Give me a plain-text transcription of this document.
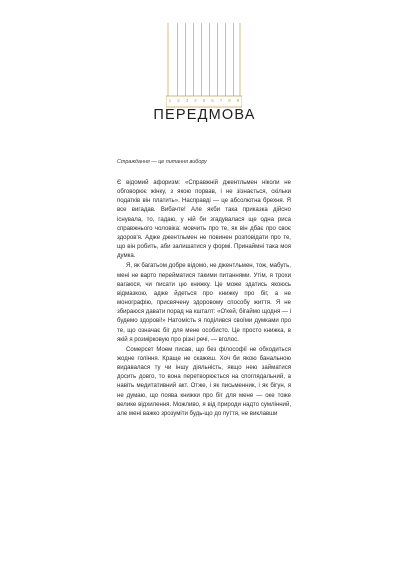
1	2	3	4	5	6	7	8	9
ПЕРЕДМОВА
Страждання — це питання вибору

Є відомий афоризм: «Справжній джентльмен ніколи не обговорює жінку, з якою порвав, і не зізнається, скільки податків він платить». Насправді — це абсолютна брехня. Я все вигадав. Вибачте! Але якби така приказка дійсно існувала, то, гадаю, у ній би згадувалася ще одна риса справжнього чоловіка: мовчить про те, як він дбає про своє здоров'я. Адже джентльмен не повинен розповідати про те, що він робить, аби залишатися у формі. Принаймні така моя думка.

Я, як багатьом добре відомо, не джентльмен, тож, мабуть, мені не варто перейматися такими питаннями. Утім, я трохи вагаюся, чи писати цю книжку. Це може здатись якоюсь відмазкою, адже йдеться про книжку про біг, а не монографію, присвячену здоровому способу життя. Я не збираюся давати порад на кшталт: «О'кей, бігаймо щодня — і будемо здорові!» Натомість я поділився своїми думками про те, що означає біг для мене особисто. Це просто книжка, в якій я розмірковую про різні речі, — вголос.

Сомерсет Моем писав, що без філософії не обходиться жодне гоління. Краще не скажеш. Хоч би якою банальною видавалася ту чи іншу діяльність, якщо нею займатися досить довго, то вона перетворюється на споглядальний, а навіть медитативний акт. Отже, і як письменник, і як бігун, я не думаю, що поява книжки про біг для мене — оке тоже велике відхилення. Можливо, я від природи надто сумлінний, але мені важко зрозуміти будь-що до пуття, не виклавши
